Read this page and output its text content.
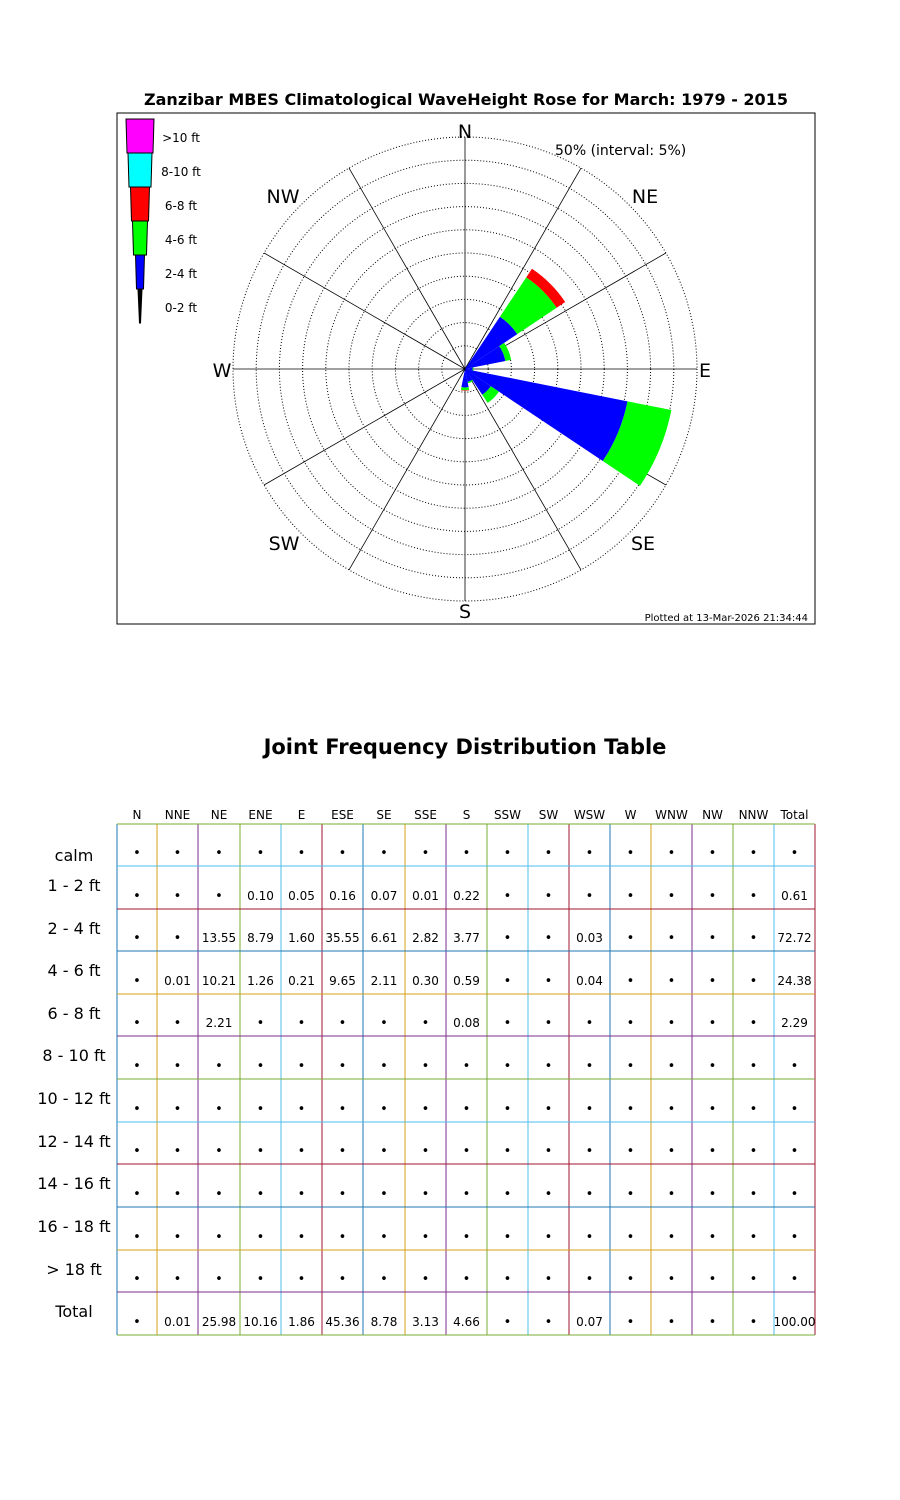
Zanzibar MBES Climatological WaveHeight Rose for March: 1979 - 2015
N
NE
E
SE
S
SW
W
NW
50% (interval: 5%)
Plotted at 13-Mar-2026 21:34:44
>10 ft
8-10 ft
6-8 ft
4-6 ft
2-4 ft
0-2 ft
Joint Frequency Distribution Table
N NNE NE ENE E ESE SE SSE S SSW SW WSW W WNW NW NNW Total
calm	•	•	•	•	•	•	•	•	•	•	•	•	•	•	•	•	•
1 - 2 ft
•	•	• 0.10 0.05 0.16 0.07 0.01 0.22 •	•	•	•	•	•	• 0.61
2 - 4 ft
•	• 13.55 8.79 1.60 35.55 6.61 2.82 3.77 •	• 0.03 •	•	•	• 72.72
4 - 6 ft
• 0.01 10.21 1.26 0.21 9.65 2.11 0.30 0.59 •	• 0.04 •	•	•	• 24.38
6 - 8 ft
•	• 2.21 •	•	•	•	• 0.08 •	•	•	•	•	•	• 2.29
8 - 10 ft
•	•	•	•	•	•	•	•	•	•	•	•	•	•	•	•	•
10 - 12 ft
•	•	•	•	•	•	•	•	•	•	•	•	•	•	•	•	•
12 - 14 ft
•	•	•	•	•	•	•	•	•	•	•	•	•	•	•	•	•
14 - 16 ft
•	•	•	•	•	•	•	•	•	•	•	•	•	•	•	•	•
16 - 18 ft
•	•	•	•	•	•	•	•	•	•	•	•	•	•	•	•	•
> 18 ft
•	•	•	•	•	•	•	•	•	•	•	•	•	•	•	•	•
Total
• 0.01 25.98 10.16 1.86 45.36 8.78 3.13 4.66 •	• 0.07 •	•	•	• 100.00
